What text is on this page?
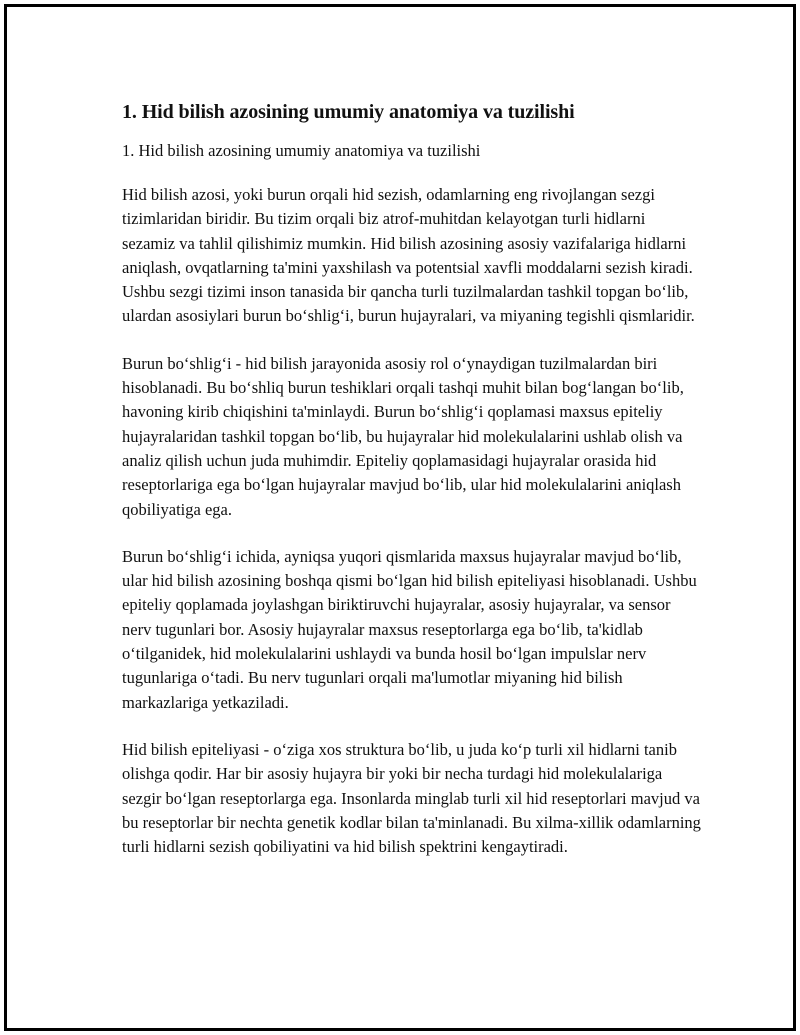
1. Hid bilish azosining umumiy anatomiya va tuzilishi
1. Hid bilish azosining umumiy anatomiya va tuzilishi

Hid bilish azosi, yoki burun orqali hid sezish, odamlarning eng rivojlangan sezgi tizimlaridan biridir. Bu tizim orqali biz atrof-muhitdan kelayotgan turli hidlarni sezamiz va tahlil qilishimiz mumkin. Hid bilish azosining asosiy vazifalariga hidlarni aniqlash, ovqatlarning ta'mini yaxshilash va potentsial xavfli moddalarni sezish kiradi. Ushbu sezgi tizimi inson tanasida bir qancha turli tuzilmalardan tashkil topgan bo‘lib, ulardan asosiylari burun bo‘shlig‘i, burun hujayralari, va miyaning tegishli qismlaridir.

Burun bo‘shlig‘i - hid bilish jarayonida asosiy rol o‘ynaydigan tuzilmalardan biri hisoblanadi. Bu bo‘shliq burun teshiklari orqali tashqi muhit bilan bog‘langan bo‘lib, havoning kirib chiqishini ta'minlaydi. Burun bo‘shlig‘i qoplamasi maxsus epiteliy hujayralaridan tashkil topgan bo‘lib, bu hujayralar hid molekulalarini ushlab olish va analiz qilish uchun juda muhimdir. Epiteliy qoplamasidagi hujayralar orasida hid reseptorlariga ega bo‘lgan hujayralar mavjud bo‘lib, ular hid molekulalarini aniqlash qobiliyatiga ega.

Burun bo‘shlig‘i ichida, ayniqsa yuqori qismlarida maxsus hujayralar mavjud bo‘lib, ular hid bilish azosining boshqa qismi bo‘lgan hid bilish epiteliyasi hisoblanadi. Ushbu epiteliy qoplamada joylashgan biriktiruvchi hujayralar, asosiy hujayralar, va sensor nerv tugunlari bor. Asosiy hujayralar maxsus reseptorlarga ega bo‘lib, ta'kidlab o‘tilganidek, hid molekulalarini ushlaydi va bunda hosil bo‘lgan impulslar nerv tugunlariga o‘tadi. Bu nerv tugunlari orqali ma'lumotlar miyaning hid bilish markazlariga yetkaziladi.

Hid bilish epiteliyasi - o‘ziga xos struktura bo‘lib, u juda ko‘p turli xil hidlarni tanib olishga qodir. Har bir asosiy hujayra bir yoki bir necha turdagi hid molekulalariga sezgir bo‘lgan reseptorlarga ega. Insonlarda minglab turli xil hid reseptorlari mavjud va bu reseptorlar bir nechta genetik kodlar bilan ta'minlanadi. Bu xilma-xillik odamlarning turli hidlarni sezish qobiliyatini va hid bilish spektrini kengaytiradi.
